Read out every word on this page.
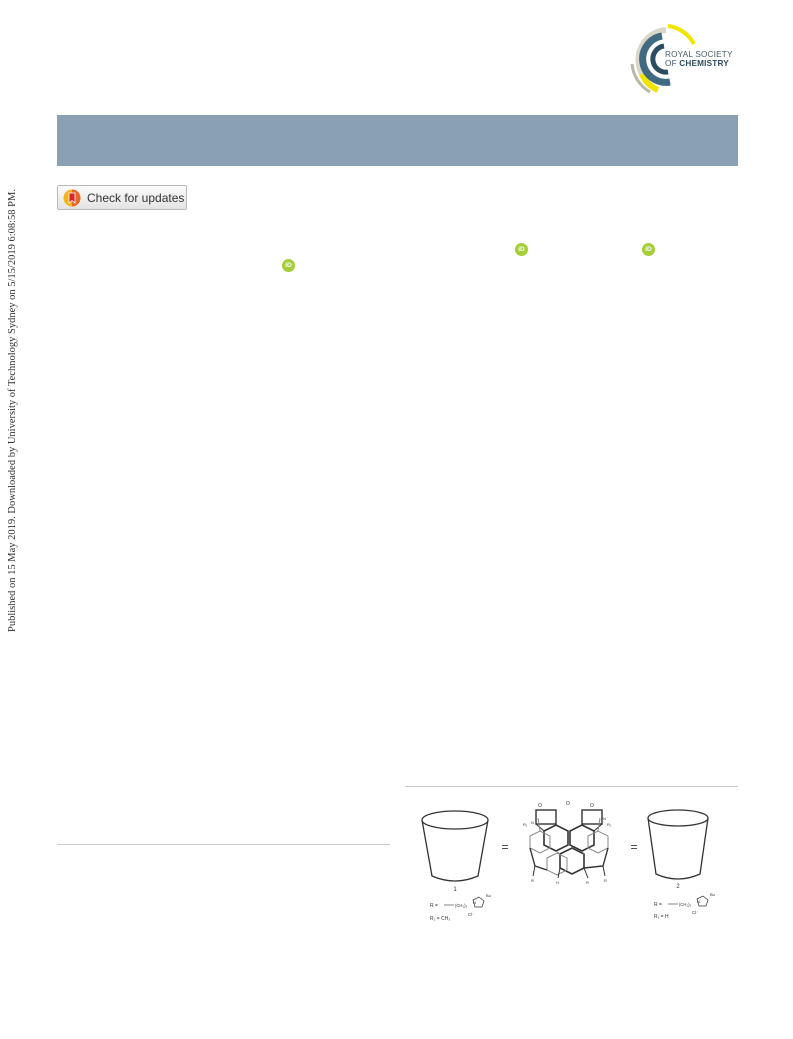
ROYAL SOCIETY
OF CHEMISTRY
Check for updates
iD	iD
iD
Published on 15 May 2019. Downloaded by University of Technology Sydney on 5/15/2019 6:08:58 PM.
1
R =	(CH₂)₃
N
Bu
Cl⁻
R₁ = CH₃
=
O	O	O
R₁	R₁
N
N
R	H	R	R
=
2
R =	(CH₂)₃
N
Bu
Cl⁻
R₁ = H
